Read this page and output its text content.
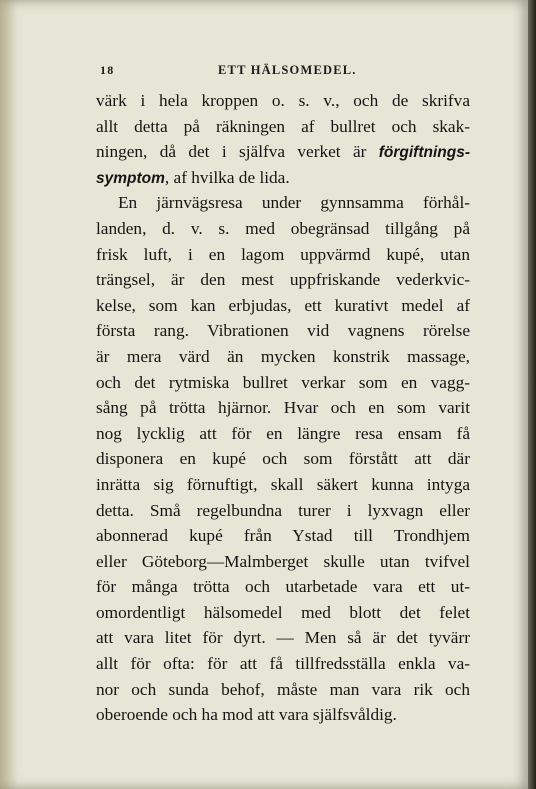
18	ETT HÄLSOMEDEL.
värk i hela kroppen o. s. v., och de skrifva
allt detta på räkningen af bullret och skak-
ningen, då det i själfva verket är förgiftnings-
symptom, af hvilka de lida.
En järnvägsresa under gynnsamma förhål-
landen, d. v. s. med obegränsad tillgång på
frisk luft, i en lagom uppvärmd kupé, utan
trängsel, är den mest uppfriskande vederkvic-
kelse, som kan erbjudas, ett kurativt medel af
första rang. Vibrationen vid vagnens rörelse
är mera värd än mycken konstrik massage,
och det rytmiska bullret verkar som en vagg-
sång på trötta hjärnor. Hvar och en som varit
nog lycklig att för en längre resa ensam få
disponera en kupé och som förstått att där
inrätta sig förnuftigt, skall säkert kunna intyga
detta. Små regelbundna turer i lyxvagn eller
abonnerad kupé från Ystad till Trondhjem
eller Göteborg—Malmberget skulle utan tvifvel
för många trötta och utarbetade vara ett ut-
omordentligt hälsomedel med blott det felet
att vara litet för dyrt. — Men så är det tyvärr
allt för ofta: för att få tillfredsställa enkla va-
nor och sunda behof, måste man vara rik och
oberoende och ha mod att vara själfsvåldig.
